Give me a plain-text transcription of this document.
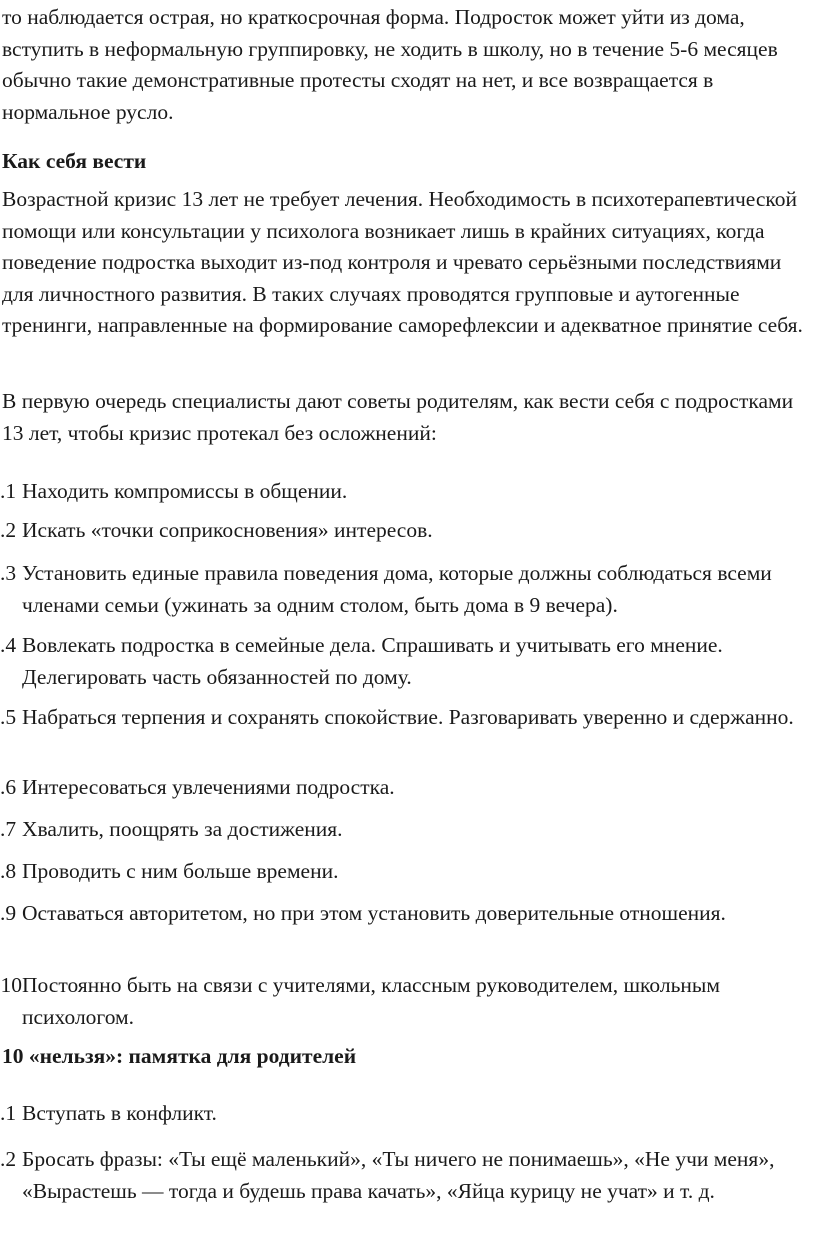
то наблюдается острая, но краткосрочная форма. Подросток может уйти из дома, вступить в неформальную группировку, не ходить в школу, но в течение 5-6 месяцев обычно такие демонстративные протесты сходят на нет, и все возвращается в нормальное русло.

Как себя вести

Возрастной кризис 13 лет не требует лечения. Необходимость в психотерапевтической помощи или консультации у психолога возникает лишь в крайних ситуациях, когда поведение подростка выходит из-под контроля и чревато серьёзными последствиями для личностного развития. В таких случаях проводятся групповые и аутогенные тренинги, направленные на формирование саморефлексии и адекватное принятие себя.

В первую очередь специалисты дают советы родителям, как вести себя с подростками 13 лет, чтобы кризис протекал без осложнений:

1. Находить компромиссы в общении.
2. Искать «точки соприкосновения» интересов.
3. Установить единые правила поведения дома, которые должны соблюдаться всеми членами семьи (ужинать за одним столом, быть дома в 9 вечера).
4. Вовлекать подростка в семейные дела. Спрашивать и учитывать его мнение. Делегировать часть обязанностей по дому.
5. Набраться терпения и сохранять спокойствие. Разговаривать уверенно и сдержанно.
6. Интересоваться увлечениями подростка.
7. Хвалить, поощрять за достижения.
8. Проводить с ним больше времени.
9. Оставаться авторитетом, но при этом установить доверительные отношения.
10 Постоянно быть на связи с учителями, классным руководителем, школьным психологом.
10 «нельзя»: памятка для родителей
1. Вступать в конфликт.
2. Бросать фразы: «Ты ещё маленький», «Ты ничего не понимаешь», «Не учи меня», «Вырастешь — тогда и будешь права качать», «Яйца курицу не учат» и т. д.
